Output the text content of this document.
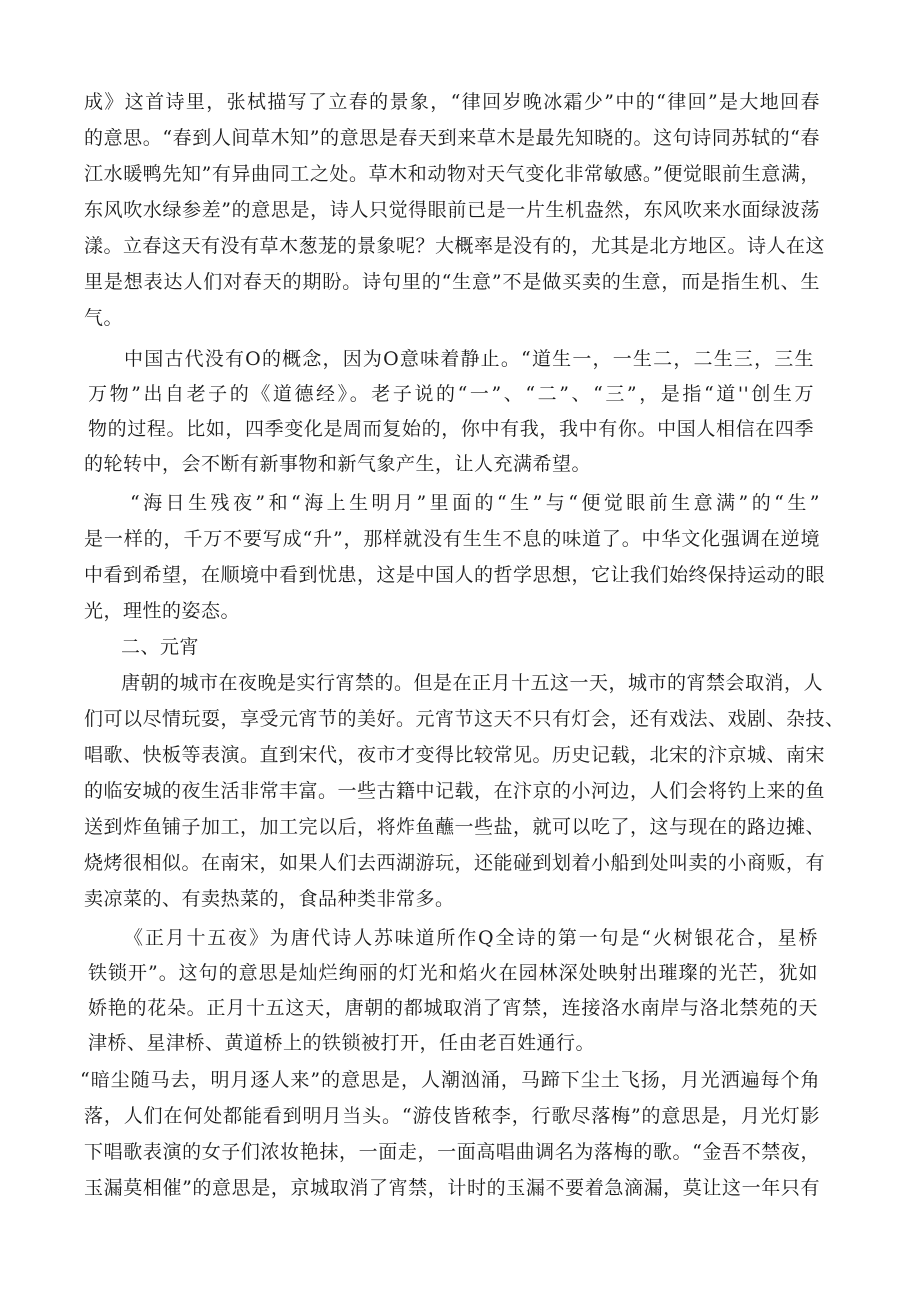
成》这首诗里，张栻描写了立春的景象，“律回岁晚冰霜少”中的“律回”是大地回春
的意思。“春到人间草木知”的意思是春天到来草木是最先知晓的。这句诗同苏轼的“春
江水暖鸭先知”有异曲同工之处。草木和动物对天气变化非常敏感。”便觉眼前生意满，
东风吹水绿参差”的意思是，诗人只觉得眼前已是一片生机盎然，东风吹来水面绿波荡
漾。立春这天有没有草木葱茏的景象呢？大概率是没有的，尤其是北方地区。诗人在这
里是想表达人们对春天的期盼。诗句里的“生意”不是做买卖的生意，而是指生机、生
气。
中国古代没有O的概念，因为O意味着静止。“道生一，一生二，二生三，三生
万物”出自老子的《道德经》。老子说的“一”、“二”、“三”，是指“道''创生万
物的过程。比如，四季变化是周而复始的，你中有我，我中有你。中国人相信在四季
的轮转中，会不断有新事物和新气象产生，让人充满希望。
“海日生残夜”和“海上生明月”里面的“生”与“便觉眼前生意满”的“生”
是一样的，千万不要写成“升”，那样就没有生生不息的味道了。中华文化强调在逆境
中看到希望，在顺境中看到忧患，这是中国人的哲学思想，它让我们始终保持运动的眼
光，理性的姿态。
二、元宵
唐朝的城市在夜晚是实行宵禁的。但是在正月十五这一天，城市的宵禁会取消，人
们可以尽情玩耍，享受元宵节的美好。元宵节这天不只有灯会，还有戏法、戏剧、杂技、
唱歌、快板等表演。直到宋代，夜市才变得比较常见。历史记载，北宋的汴京城、南宋
的临安城的夜生活非常丰富。一些古籍中记载，在汴京的小河边，人们会将钓上来的鱼
送到炸鱼铺子加工，加工完以后，将炸鱼蘸一些盐，就可以吃了，这与现在的路边摊、
烧烤很相似。在南宋，如果人们去西湖游玩，还能碰到划着小船到处叫卖的小商贩，有
卖凉菜的、有卖热菜的，食品种类非常多。
《正月十五夜》为唐代诗人苏味道所作Q全诗的第一句是“火树银花合，星桥
铁锁开”。这句的意思是灿烂绚丽的灯光和焰火在园林深处映射出璀璨的光芒，犹如
娇艳的花朵。正月十五这天，唐朝的都城取消了宵禁，连接洛水南岸与洛北禁苑的天
津桥、星津桥、黄道桥上的铁锁被打开，任由老百姓通行。
“暗尘随马去，明月逐人来”的意思是，人潮汹涌，马蹄下尘土飞扬，月光洒遍每个角
落，人们在何处都能看到明月当头。“游伎皆秾李，行歌尽落梅”的意思是，月光灯影
下唱歌表演的女子们浓妆艳抹，一面走，一面高唱曲调名为落梅的歌。“金吾不禁夜，
玉漏莫相催”的意思是，京城取消了宵禁，计时的玉漏不要着急滴漏，莫让这一年只有
